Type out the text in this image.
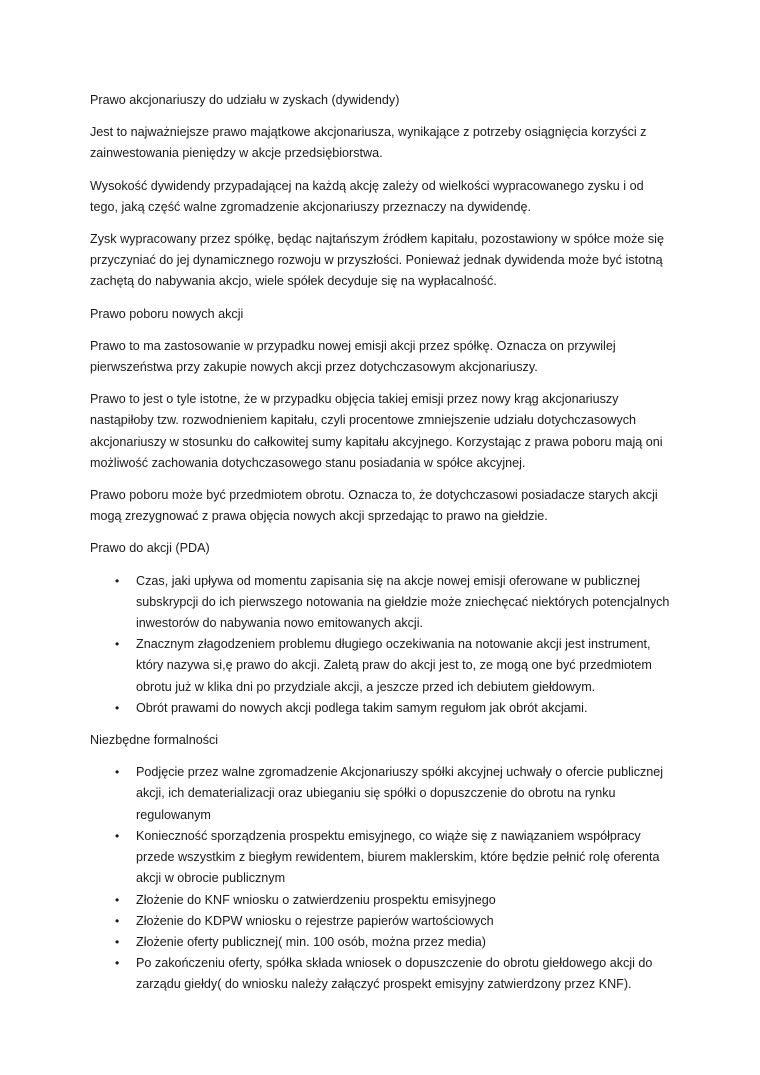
Prawo akcjonariuszy do udziału w zyskach (dywidendy)

Jest to najważniejsze prawo majątkowe akcjonariusza, wynikające z potrzeby osiągnięcia korzyści z zainwestowania pieniędzy w akcje przedsiębiorstwa.

Wysokość dywidendy przypadającej na każdą akcję zależy od wielkości wypracowanego zysku i od tego, jaką część walne zgromadzenie akcjonariuszy przeznaczy na dywidendę.

Zysk wypracowany przez spółkę, będąc najtańszym źródłem kapitału, pozostawiony w spółce może się przyczyniać do jej dynamicznego rozwoju w przyszłości. Ponieważ jednak dywidenda może być istotną zachętą do nabywania akcjo, wiele spółek decyduje się na wypłacalność.

Prawo poboru nowych akcji

Prawo to ma zastosowanie w przypadku nowej emisji akcji przez spółkę. Oznacza on przywilej pierwszeństwa przy zakupie nowych akcji przez dotychczasowym akcjonariuszy.

Prawo to jest o tyle istotne, że w przypadku objęcia takiej emisji przez nowy krąg akcjonariuszy nastąpiłoby tzw. rozwodnieniem kapitału, czyli procentowe zmniejszenie udziału dotychczasowych akcjonariuszy w stosunku do całkowitej sumy kapitału akcyjnego. Korzystając z prawa poboru mają oni możliwość zachowania dotychczasowego stanu posiadania w spółce akcyjnej.

Prawo poboru może być przedmiotem obrotu. Oznacza to, że dotychczasowi posiadacze starych akcji mogą zrezygnować z prawa objęcia nowych akcji sprzedając to prawo na giełdzie.

Prawo do akcji (PDA)
• Czas, jaki upływa od momentu zapisania się na akcje nowej emisji oferowane w publicznej subskrypcji do ich pierwszego notowania na giełdzie może zniechęcać niektórych potencjalnych inwestorów do nabywania nowo emitowanych akcji.
• Znacznym złagodzeniem problemu długiego oczekiwania na notowanie akcji jest instrument, który nazywa si,ę prawo do akcji. Zaletą praw do akcji jest to, ze mogą one być przedmiotem obrotu już w klika dni po przydziale akcji, a jeszcze przed ich debiutem giełdowym.
• Obrót prawami do nowych akcji podlega takim samym regułom jak obrót akcjami.
Niezbędne formalności
• Podjęcie przez walne zgromadzenie Akcjonariuszy spółki akcyjnej uchwały o ofercie publicznej akcji, ich dematerializacji oraz ubieganiu się spółki o dopuszczenie do obrotu na rynku regulowanym
• Konieczność sporządzenia prospektu emisyjnego, co wiąże się z nawiązaniem współpracy przede wszystkim z biegłym rewidentem, biurem maklerskim, które będzie pełnić rolę oferenta akcji w obrocie publicznym
• Złożenie do KNF wniosku o zatwierdzeniu prospektu emisyjnego
• Złożenie do KDPW wniosku o rejestrze papierów wartościowych
• Złożenie oferty publicznej( min. 100 osób, można przez media)
• Po zakończeniu oferty, spółka składa wniosek o dopuszczenie do obrotu giełdowego akcji do zarządu giełdy( do wniosku należy załączyć prospekt emisyjny zatwierdzony przez KNF).
